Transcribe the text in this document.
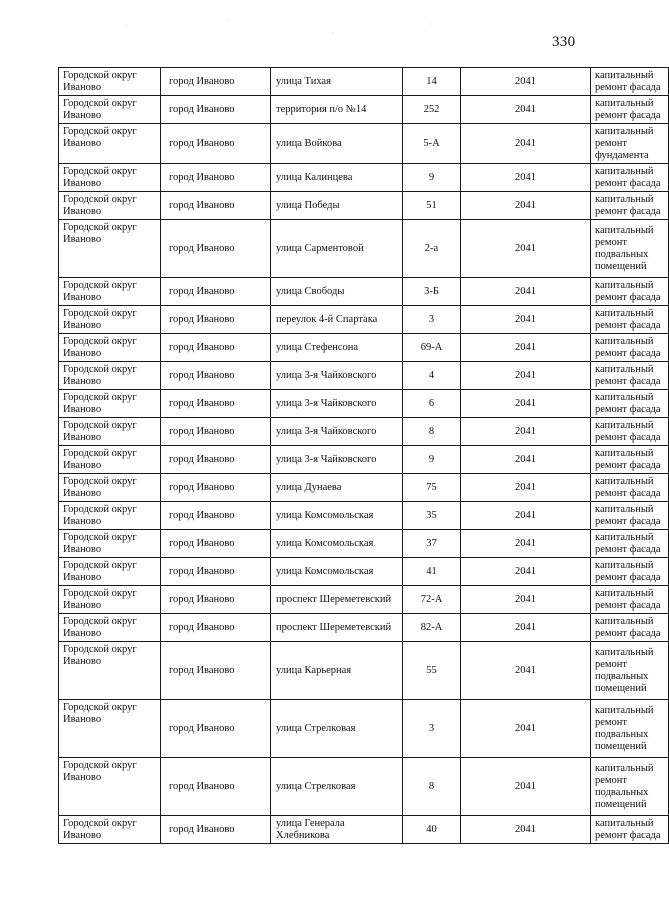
330
Городской округ Иваново	город Иваново	улица Тихая	14	2041	капитальный ремонт фасада
Городской округ Иваново	город Иваново	территория п/о №14	252	2041	капитальный ремонт фасада
Городской округ Иваново	город Иваново	улица Войкова	5-А	2041	капитальный ремонт фундамента
Городской округ Иваново	город Иваново	улица Калинцева	9	2041	капитальный ремонт фасада
Городской округ Иваново	город Иваново	улица Победы	51	2041	капитальный ремонт фасада
Городской округ Иваново	город Иваново	улица Сарментовой	2-а	2041	капитальный ремонт подвальных помещений
Городской округ Иваново	город Иваново	улица Свободы	3-Б	2041	капитальный ремонт фасада
Городской округ Иваново	город Иваново	переулок 4-й Спартака	3	2041	капитальный ремонт фасада
Городской округ Иваново	город Иваново	улица Стефенсона	69-А	2041	капитальный ремонт фасада
Городской округ Иваново	город Иваново	улица 3-я Чайковского	4	2041	капитальный ремонт фасада
Городской округ Иваново	город Иваново	улица 3-я Чайковского	6	2041	капитальный ремонт фасада
Городской округ Иваново	город Иваново	улица 3-я Чайковского	8	2041	капитальный ремонт фасада
Городской округ Иваново	город Иваново	улица 3-я Чайковского	9	2041	капитальный ремонт фасада
Городской округ Иваново	город Иваново	улица Дунаева	75	2041	капитальный ремонт фасада
Городской округ Иваново	город Иваново	улица Комсомольская	35	2041	капитальный ремонт фасада
Городской округ Иваново	город Иваново	улица Комсомольская	37	2041	капитальный ремонт фасада
Городской округ Иваново	город Иваново	улица Комсомольская	41	2041	капитальный ремонт фасада
Городской округ Иваново	город Иваново	проспект Шереметевский	72-А	2041	капитальный ремонт фасада
Городской округ Иваново	город Иваново	проспект Шереметевский	82-А	2041	капитальный ремонт фасада
Городской округ Иваново	город Иваново	улица Карьерная	55	2041	капитальный ремонт подвальных помещений
Городской округ Иваново	город Иваново	улица Стрелковая	3	2041	капитальный ремонт подвальных помещений
Городской округ Иваново	город Иваново	улица Стрелковая	8	2041	капитальный ремонт подвальных помещений
Городской округ Иваново	город Иваново	улица Генерала Хлебникова	40	2041	капитальный ремонт фасада
